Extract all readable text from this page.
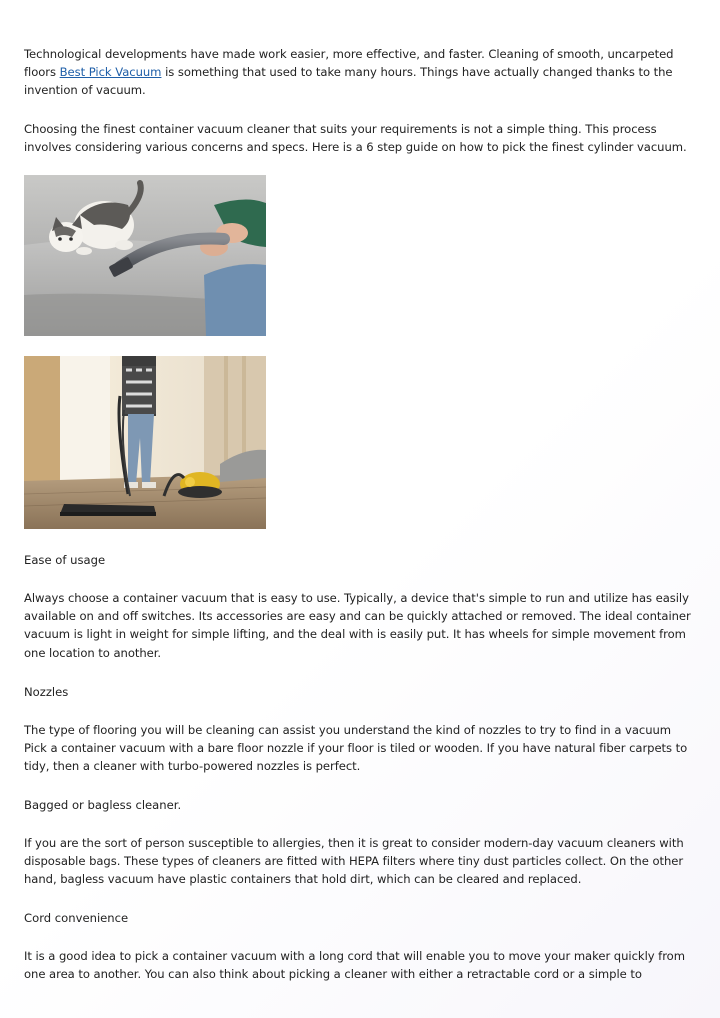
Technological developments have made work easier, more effective, and faster. Cleaning of smooth, uncarpeted floors Best Pick Vacuum is something that used to take many hours. Things have actually changed thanks to the invention of vacuum.

Choosing the finest container vacuum cleaner that suits your requirements is not a simple thing. This process involves considering various concerns and specs. Here is a 6 step guide on how to pick the finest cylinder vacuum.

Ease of usage

Always choose a container vacuum that is easy to use. Typically, a device that's simple to run and utilize has easily available on and off switches. Its accessories are easy and can be quickly attached or removed. The ideal container vacuum is light in weight for simple lifting, and the deal with is easily put. It has wheels for simple movement from one location to another.

Nozzles

The type of flooring you will be cleaning can assist you understand the kind of nozzles to try to find in a vacuum Pick a container vacuum with a bare floor nozzle if your floor is tiled or wooden. If you have natural fiber carpets to tidy, then a cleaner with turbo-powered nozzles is perfect.

Bagged or bagless cleaner.

If you are the sort of person susceptible to allergies, then it is great to consider modern-day vacuum cleaners with disposable bags. These types of cleaners are fitted with HEPA filters where tiny dust particles collect. On the other hand, bagless vacuum have plastic containers that hold dirt, which can be cleared and replaced.

Cord convenience

It is a good idea to pick a container vacuum with a long cord that will enable you to move your maker quickly from one area to another. You can also think about picking a cleaner with either a retractable cord or a simple to
